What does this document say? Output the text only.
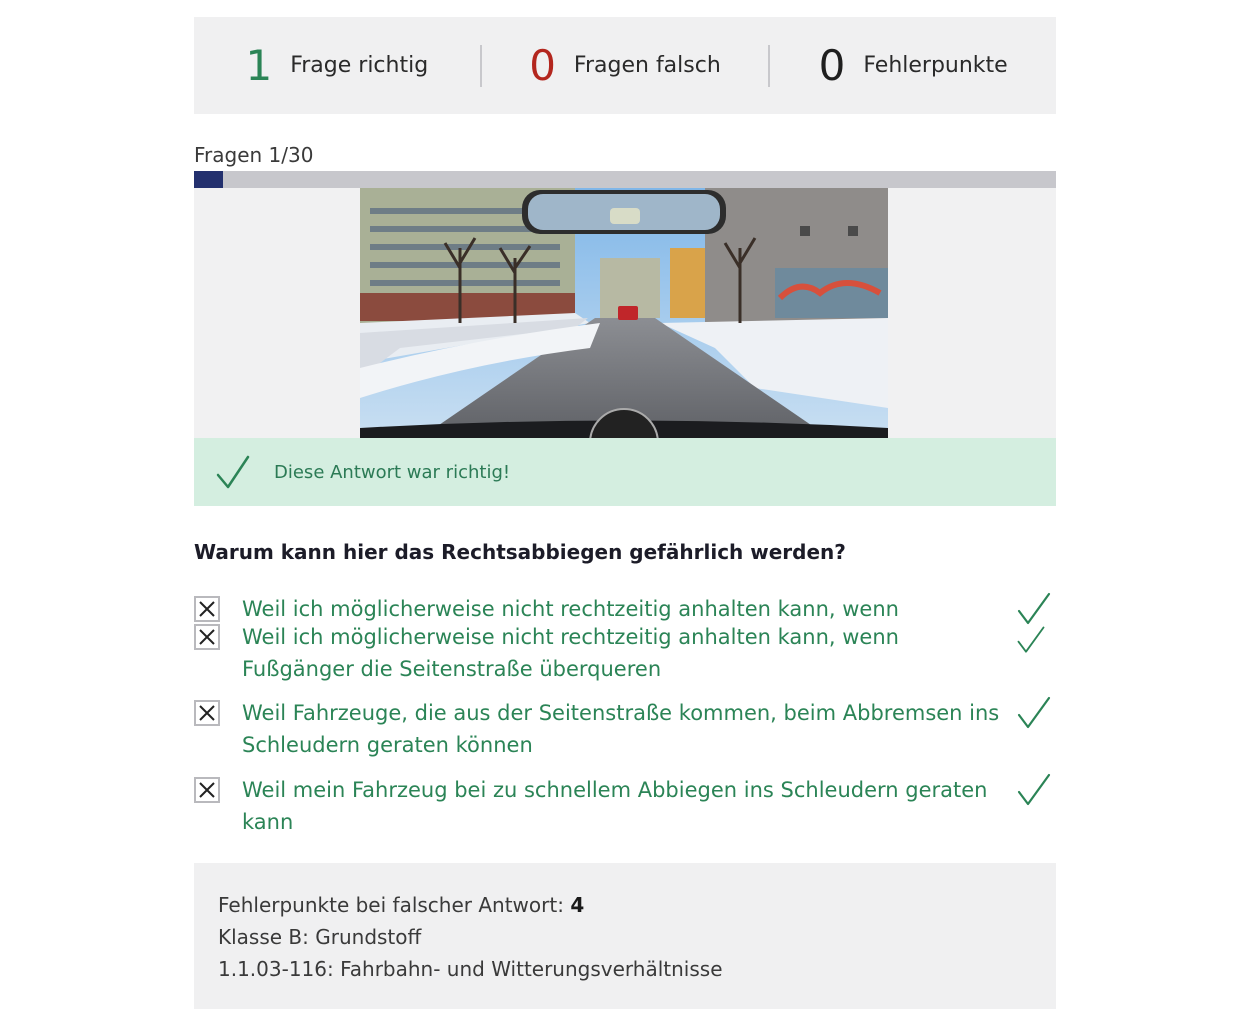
1 Frage richtig 0 Fragen falsch 0 Fehlerpunkte
Fragen 1/30
Diese Antwort war richtig!
Warum kann hier das Rechtsabbiegen gefährlich werden?
Weil ich möglicherweise nicht rechtzeitig anhalten kann, wenn
Weil ich möglicherweise nicht rechtzeitig anhalten kann, wenn Fußgänger die Seitenstraße überqueren
Weil Fahrzeuge, die aus der Seitenstraße kommen, beim Abbremsen ins Schleudern geraten können
Weil mein Fahrzeug bei zu schnellem Abbiegen ins Schleudern geraten kann
Fehlerpunkte bei falscher Antwort: 4
Klasse B: Grundstoff
1.1.03-116: Fahrbahn- und Witterungsverhältnisse
